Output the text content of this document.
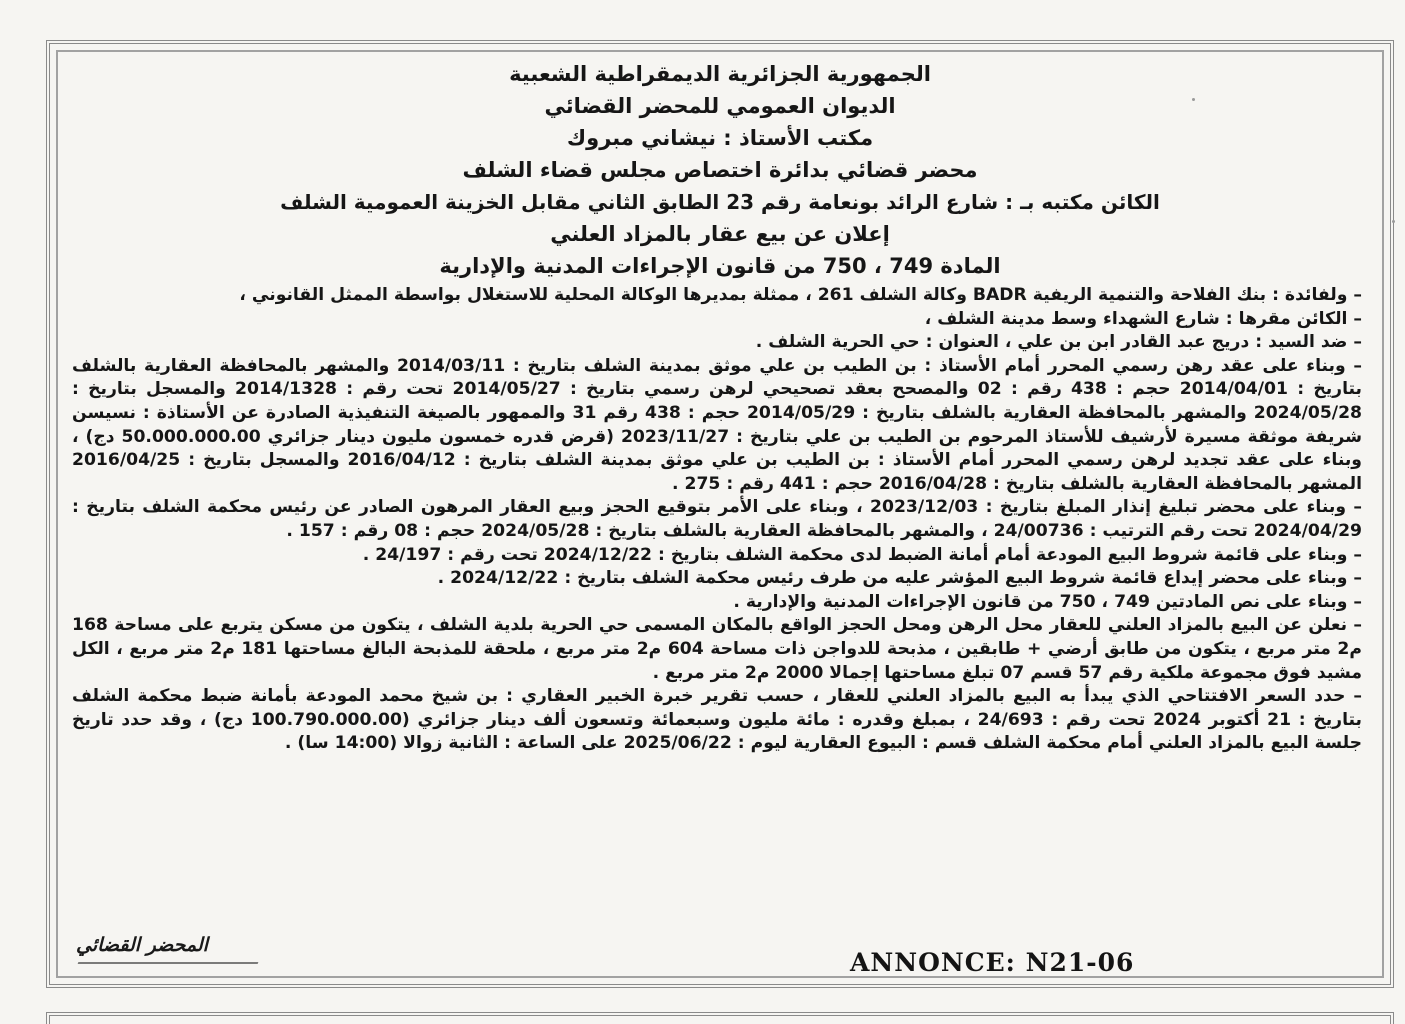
الجمهورية الجزائرية الديمقراطية الشعبية
الديوان العمومي للمحضر القضائي
مكتب الأستاذ : نيشاني مبروك
محضر قضائي بدائرة اختصاص مجلس قضاء الشلف
الكائن مكتبه بـ : شارع الرائد بونعامة رقم 23 الطابق الثاني مقابل الخزينة العمومية الشلف
إعلان عن بيع عقار بالمزاد العلني
المادة 749 ، 750 من قانون الإجراءات المدنية والإدارية

– ولفائدة : بنك الفلاحة والتنمية الريفية BADR وكالة الشلف 261 ، ممثلة بمديرها الوكالة المحلية للاستغلال بواسطة الممثل القانوني ،

– الكائن مقرها : شارع الشهداء وسط مدينة الشلف ،

– ضد السيد : دريج عبد القادر ابن بن علي ، العنوان : حي الحرية الشلف .

– وبناء على عقد رهن رسمي المحرر أمام الأستاذ : بن الطيب بن علي موثق بمدينة الشلف بتاريخ : 2014/03/11 والمشهر بالمحافظة العقارية بالشلف بتاريخ : 2014/04/01 حجم : 438 رقم : 02 والمصحح بعقد تصحيحي لرهن رسمي بتاريخ : 2014/05/27 تحت رقم : 2014/1328 والمسجل بتاريخ : 2024/05/28 والمشهر بالمحافظة العقارية بالشلف بتاريخ : 2014/05/29 حجم : 438 رقم 31 والممهور بالصيغة التنفيذية الصادرة عن الأستاذة : نسيسن شريفة موثقة مسيرة لأرشيف للأستاذ المرحوم بن الطيب بن علي بتاريخ : 2023/11/27 (قرض قدره خمسون مليون دينار جزائري 50.000.000.00 دج) ، وبناء على عقد تجديد لرهن رسمي المحرر أمام الأستاذ : بن الطيب بن علي موثق بمدينة الشلف بتاريخ : 2016/04/12 والمسجل بتاريخ : 2016/04/25 المشهر بالمحافظة العقارية بالشلف بتاريخ : 2016/04/28 حجم : 441 رقم : 275 .

– وبناء على محضر تبليغ إنذار المبلغ بتاريخ : 2023/12/03 ، وبناء على الأمر بتوقيع الحجز وبيع العقار المرهون الصادر عن رئيس محكمة الشلف بتاريخ : 2024/04/29 تحت رقم الترتيب : 24/00736 ، والمشهر بالمحافظة العقارية بالشلف بتاريخ : 2024/05/28 حجم : 08 رقم : 157 .

– وبناء على قائمة شروط البيع المودعة أمام أمانة الضبط لدى محكمة الشلف بتاريخ : 2024/12/22 تحت رقم : 24/197 .

– وبناء على محضر إيداع قائمة شروط البيع المؤشر عليه من طرف رئيس محكمة الشلف بتاريخ : 2024/12/22 .

– وبناء على نص المادتين 749 ، 750 من قانون الإجراءات المدنية والإدارية .

– نعلن عن البيع بالمزاد العلني للعقار محل الرهن ومحل الحجز الواقع بالمكان المسمى حي الحرية بلدية الشلف ، يتكون من مسكن يتربع على مساحة 168 م2 متر مربع ، يتكون من طابق أرضي + طابقين ، مذبحة للدواجن ذات مساحة 604 م2 متر مربع ، ملحقة للمذبحة البالغ مساحتها 181 م2 متر مربع ، الكل مشيد فوق مجموعة ملكية رقم 57 قسم 07 تبلغ مساحتها إجمالا 2000 م2 متر مربع .

– حدد السعر الافتتاحي الذي يبدأ به البيع بالمزاد العلني للعقار ، حسب تقرير خبرة الخبير العقاري : بن شيخ محمد المودعة بأمانة ضبط محكمة الشلف بتاريخ : 21 أكتوبر 2024 تحت رقم : 24/693 ، بمبلغ وقدره : مائة مليون وسبعمائة وتسعون ألف دينار جزائري (100.790.000.00 دج) ، وقد حدد تاريخ جلسة البيع بالمزاد العلني أمام محكمة الشلف قسم : البيوع العقارية ليوم : 2025/06/22 على الساعة : الثانية زوالا (14:00 سا) .

المحضر القضائي
ANNONCE: N21-06
